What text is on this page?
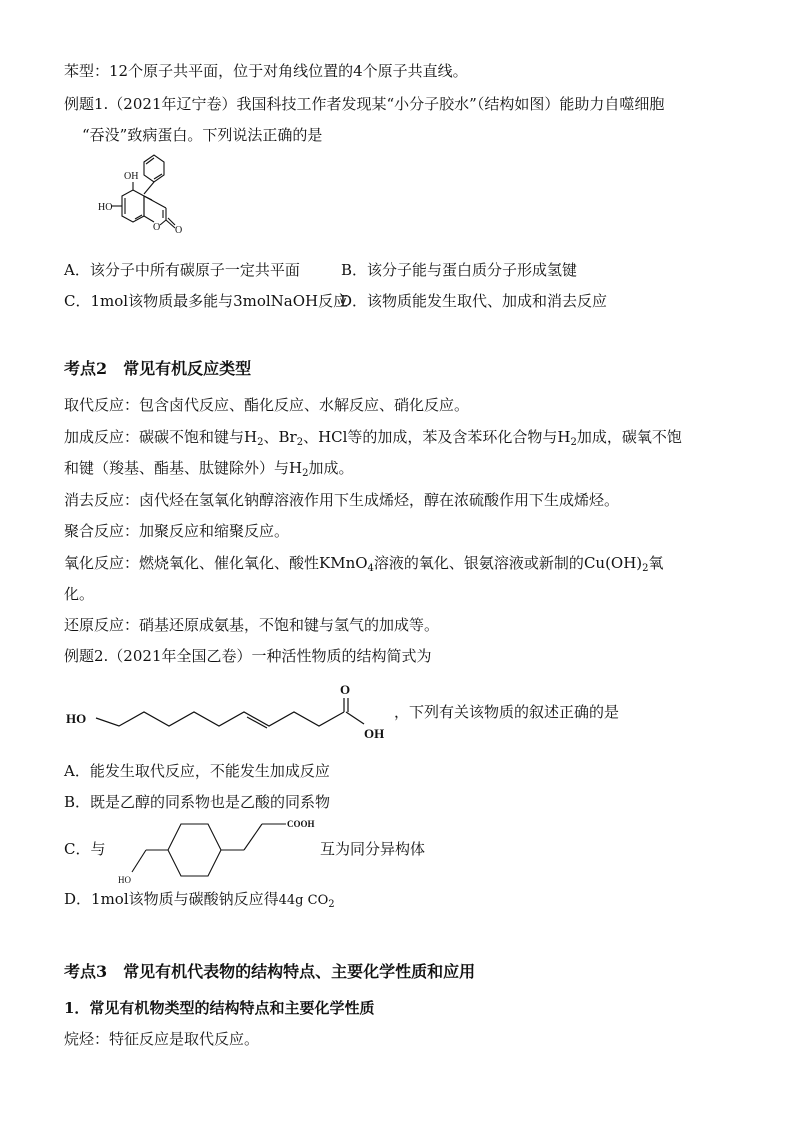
苯型：12个原子共平面，位于对角线位置的4个原子共直线。
例题1.（2021年辽宁卷）我国科技工作者发现某“小分子胶水”（结构如图）能助力自噬细胞
“吞没”致病蛋白。下列说法正确的是
OH
HO
O O
A．该分子中所有碳原子一定共平面	B．该分子能与蛋白质分子形成氢键
C．1mol该物质最多能与3molNaOH反应
D．该物质能发生取代、加成和消去反应
考点2　常见有机反应类型
取代反应：包含卤代反应、酯化反应、水解反应、硝化反应。
加成反应：碳碳不饱和键与$H_2$、$Br_2$、HCl等的加成，苯及含苯环化合物与$H_2$加成，碳氧不饱
和键（羧基、酯基、肽键除外）与$H_2$加成。
消去反应：卤代烃在氢氧化钠醇溶液作用下生成烯烃，醇在浓硫酸作用下生成烯烃。
聚合反应：加聚反应和缩聚反应。
氧化反应：燃烧氧化、催化氧化、酸性KMnO$_4$溶液的氧化、银氨溶液或新制的$Cu(OH)_2$氧
化。
还原反应：硝基还原成氨基，不饱和键与氢气的加成等。
例题2.（2021年全国乙卷）一种活性物质的结构简式为
HO
O
OH
，下列有关该物质的叙述正确的是
A．能发生取代反应，不能发生加成反应
B．既是乙醇的同系物也是乙酸的同系物
C．与
COOH
HO
互为同分异构体
D．1mol该物质与碳酸钠反应得44g $CO_2$
考点3　常见有机代表物的结构特点、主要化学性质和应用
1．常见有机物类型的结构特点和主要化学性质
烷烃：特征反应是取代反应。
